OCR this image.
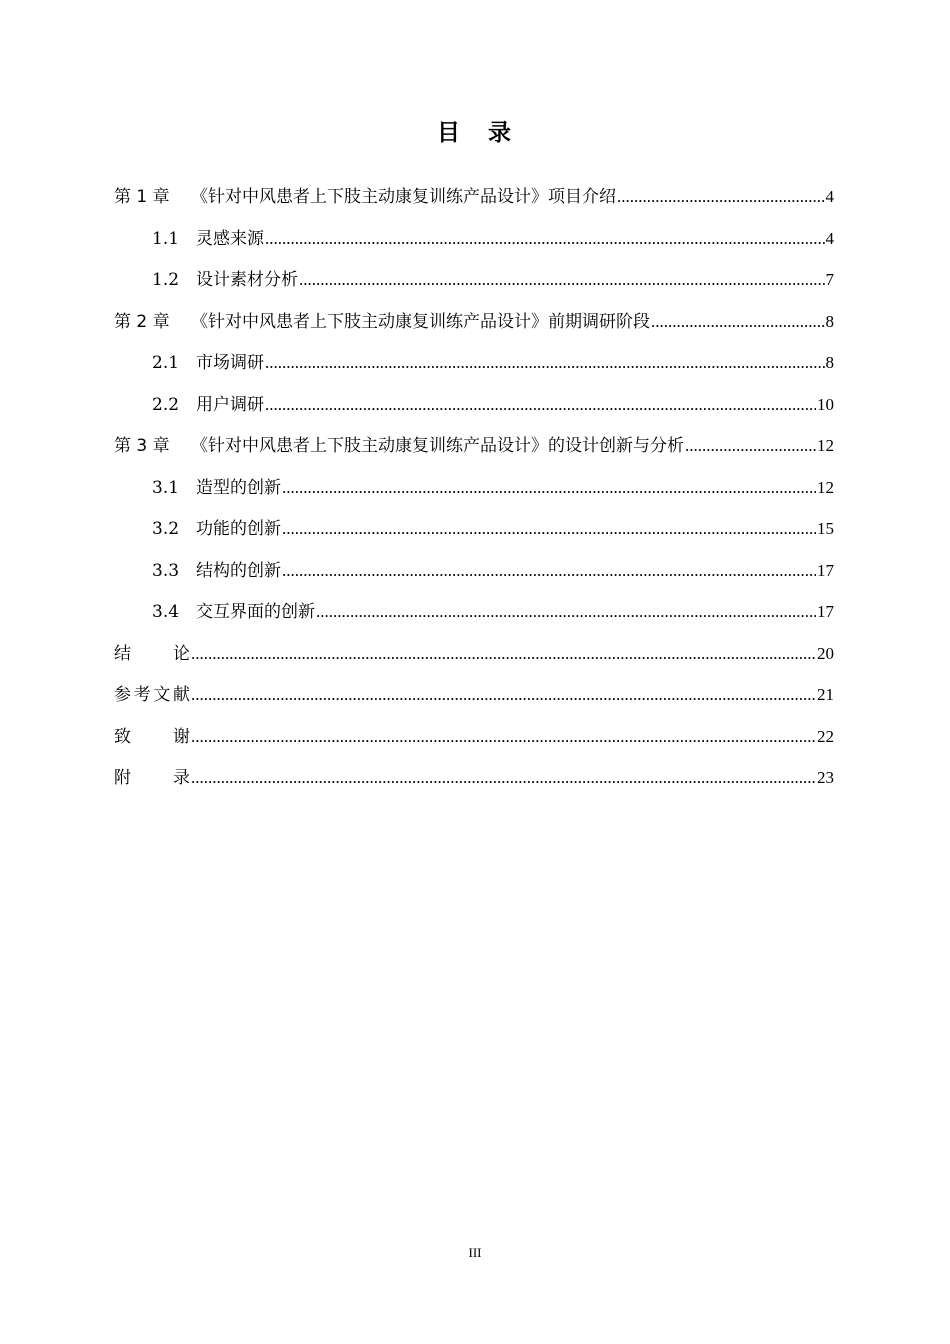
目 录
第 1 章	《针对中风患者上下肢主动康复训练产品设计》项目介绍 .....	4
1.1 灵感来源 .....	4
1.2 设计素材分析 .....	7
第 2 章	《针对中风患者上下肢主动康复训练产品设计》前期调研阶段 .....	8
2.1 市场调研 .....	8
2.2 用户调研 .....	10
第 3 章	《针对中风患者上下肢主动康复训练产品设计》的设计创新与分析 .....	12
3.1 造型的创新 .....	12
3.2 功能的创新 .....	15
3.3 结构的创新 .....	17
3.4 交互界面的创新 .....	17
结论 .....	20
参考文献 .....	21
致谢 .....	22
附录 .....	23
III
